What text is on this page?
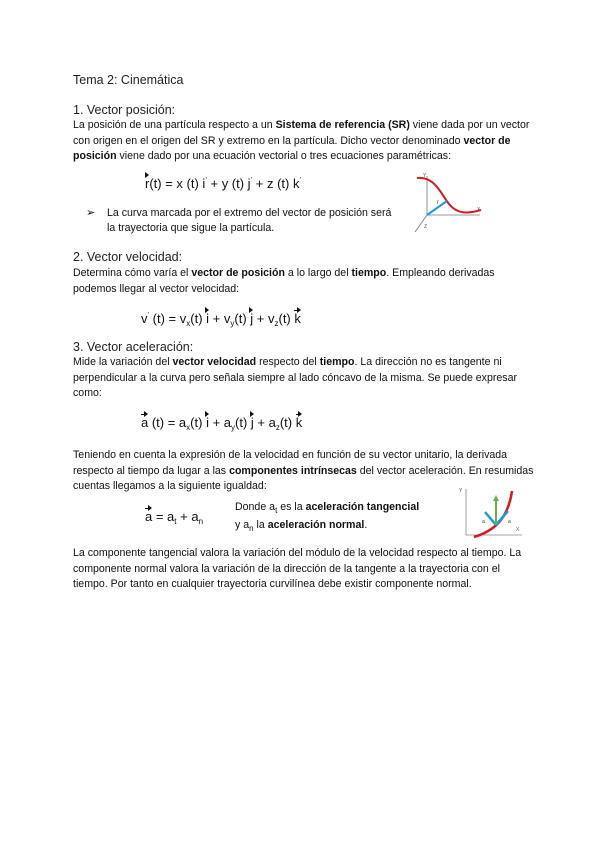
Tema 2: Cinemática
1. Vector posición:
La posición de una partícula respecto a un Sistema de referencia (SR) viene dada por un vector con origen en el origen del SR y extremo en la partícula. Dicho vector denominado vector de posición viene dado por una ecuación vectorial o tres ecuaciones paramétricas:
r(t) = x (t) i’ + y (t) j’ + z (t) k’
➢ La curva marcada por el extremo del vector de posición será la trayectoria que sigue la partícula.
Y
X
Z
r
2. Vector velocidad:
Determina cómo varía el vector de posición a lo largo del tiempo. Empleando derivadas podemos llegar al vector velocidad:
v’ $(t) = v_x(t) i + v_y(t) j + v_z(t)$ k
3. Vector aceleración:
Mide la variación del vector velocidad respecto del tiempo. La dirección no es tangente ni perpendicular a la curva pero señala siempre al lado cóncavo de la misma. Se puede expresar como:
a $(t) = a_x(t) i + a_y(t) j + a_z(t)$ k
Teniendo en cuenta la expresión de la velocidad en función de su vector unitario, la derivada respecto al tiempo da lugar a las componentes intrínsecas del vector aceleración. En resumidas cuentas llegamos a la siguiente igualdad:
$a = a_t + a_n$
Donde $a_t$ es la aceleración tangencial
y $a_n$ la aceleración normal.
Y
X
a	a
La componente tangencial valora la variación del módulo de la velocidad respecto al tiempo. La componente normal valora la variación de la dirección de la tangente a la trayectoria con el tiempo. Por tanto en cualquier trayectoria curvilínea debe existir componente normal.
